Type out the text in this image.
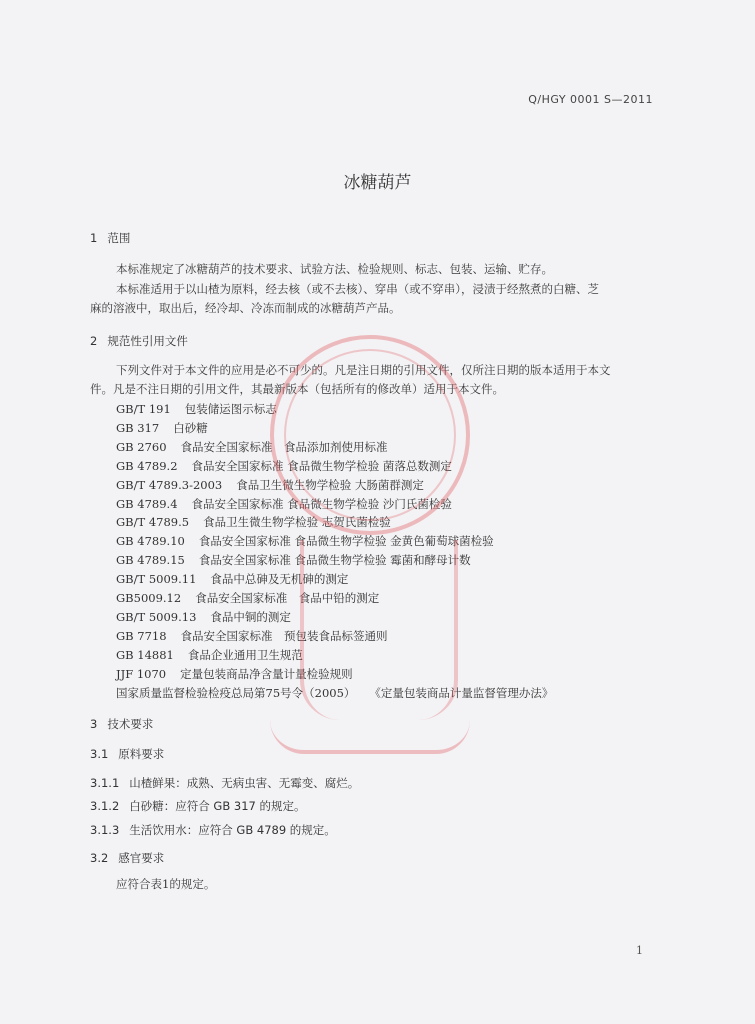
Q/HGY 0001 S—2011
冰糖葫芦
1 范围
本标准规定了冰糖葫芦的技术要求、试验方法、检验规则、标志、包装、运输、贮存。
本标准适用于以山楂为原料，经去核（或不去核）、穿串（或不穿串），浸渍于经熬煮的白糖、芝
麻的溶液中，取出后，经冷却、冷冻而制成的冰糖葫芦产品。
2 规范性引用文件
下列文件对于本文件的应用是必不可少的。凡是注日期的引用文件，仅所注日期的版本适用于本文
件。凡是不注日期的引用文件，其最新版本（包括所有的修改单）适用于本文件。
GB/T 191 包装储运图示标志
GB 317 白砂糖
GB 2760 食品安全国家标准　食品添加剂使用标准
GB 4789.2 食品安全国家标准 食品微生物学检验 菌落总数测定
GB/T 4789.3-2003 食品卫生微生物学检验 大肠菌群测定
GB 4789.4 食品安全国家标准 食品微生物学检验 沙门氏菌检验
GB/T 4789.5 食品卫生微生物学检验 志贺氏菌检验
GB 4789.10 食品安全国家标准 食品微生物学检验 金黄色葡萄球菌检验
GB 4789.15 食品安全国家标准 食品微生物学检验 霉菌和酵母计数
GB/T 5009.11 食品中总砷及无机砷的测定
GB5009.12 食品安全国家标准　食品中铅的测定
GB/T 5009.13 食品中铜的测定
GB 7718 食品安全国家标准　预包装食品标签通则
GB 14881 食品企业通用卫生规范
JJF 1070 定量包装商品净含量计量检验规则
国家质量监督检验检疫总局第75号令（2005） 《定量包装商品计量监督管理办法》
3 技术要求
3.1 原料要求
3.1.1 山楂鲜果：成熟、无病虫害、无霉变、腐烂。
3.1.2 白砂糖：应符合 GB 317 的规定。
3.1.3 生活饮用水：应符合 GB 4789 的规定。
3.2 感官要求
应符合表1的规定。
1
